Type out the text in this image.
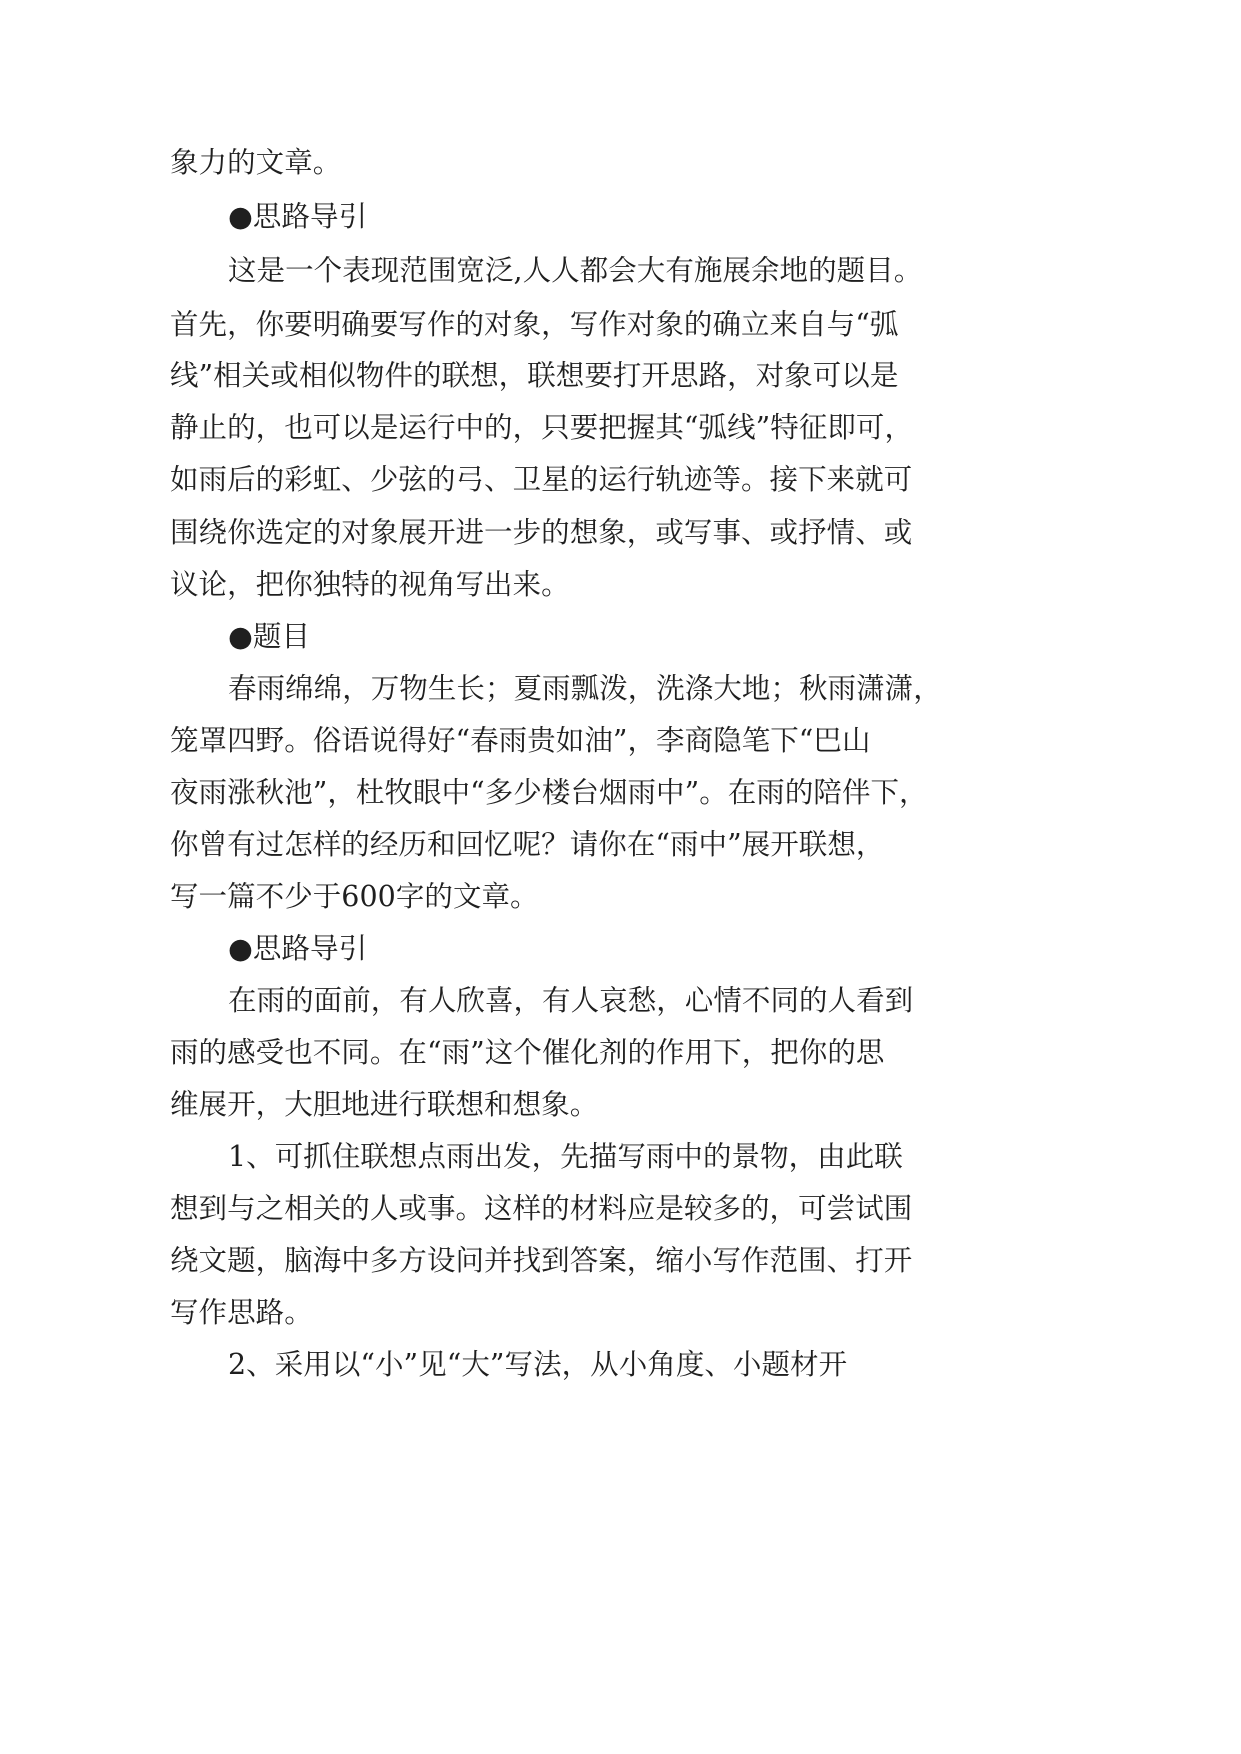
象力的文章。
●思路导引
这是一个表现范围宽泛,人人都会大有施展余地的题目。
首先，你要明确要写作的对象，写作对象的确立来自与“弧
线”相关或相似物件的联想，联想要打开思路，对象可以是
静止的，也可以是运行中的，只要把握其“弧线”特征即可，
如雨后的彩虹、少弦的弓、卫星的运行轨迹等。接下来就可
围绕你选定的对象展开进一步的想象，或写事、或抒情、或
议论，把你独特的视角写出来。
●题目
春雨绵绵，万物生长；夏雨瓢泼，洗涤大地；秋雨潇潇，
笼罩四野。俗语说得好“春雨贵如油”，李商隐笔下“巴山
夜雨涨秋池”，杜牧眼中“多少楼台烟雨中”。在雨的陪伴下，
你曾有过怎样的经历和回忆呢？请你在“雨中”展开联想，
写一篇不少于600字的文章。
●思路导引
在雨的面前，有人欣喜，有人哀愁，心情不同的人看到
雨的感受也不同。在“雨”这个催化剂的作用下，把你的思
维展开，大胆地进行联想和想象。
1、可抓住联想点雨出发，先描写雨中的景物，由此联
想到与之相关的人或事。这样的材料应是较多的，可尝试围
绕文题，脑海中多方设问并找到答案，缩小写作范围、打开
写作思路。
2、采用以“小”见“大”写法，从小角度、小题材开
